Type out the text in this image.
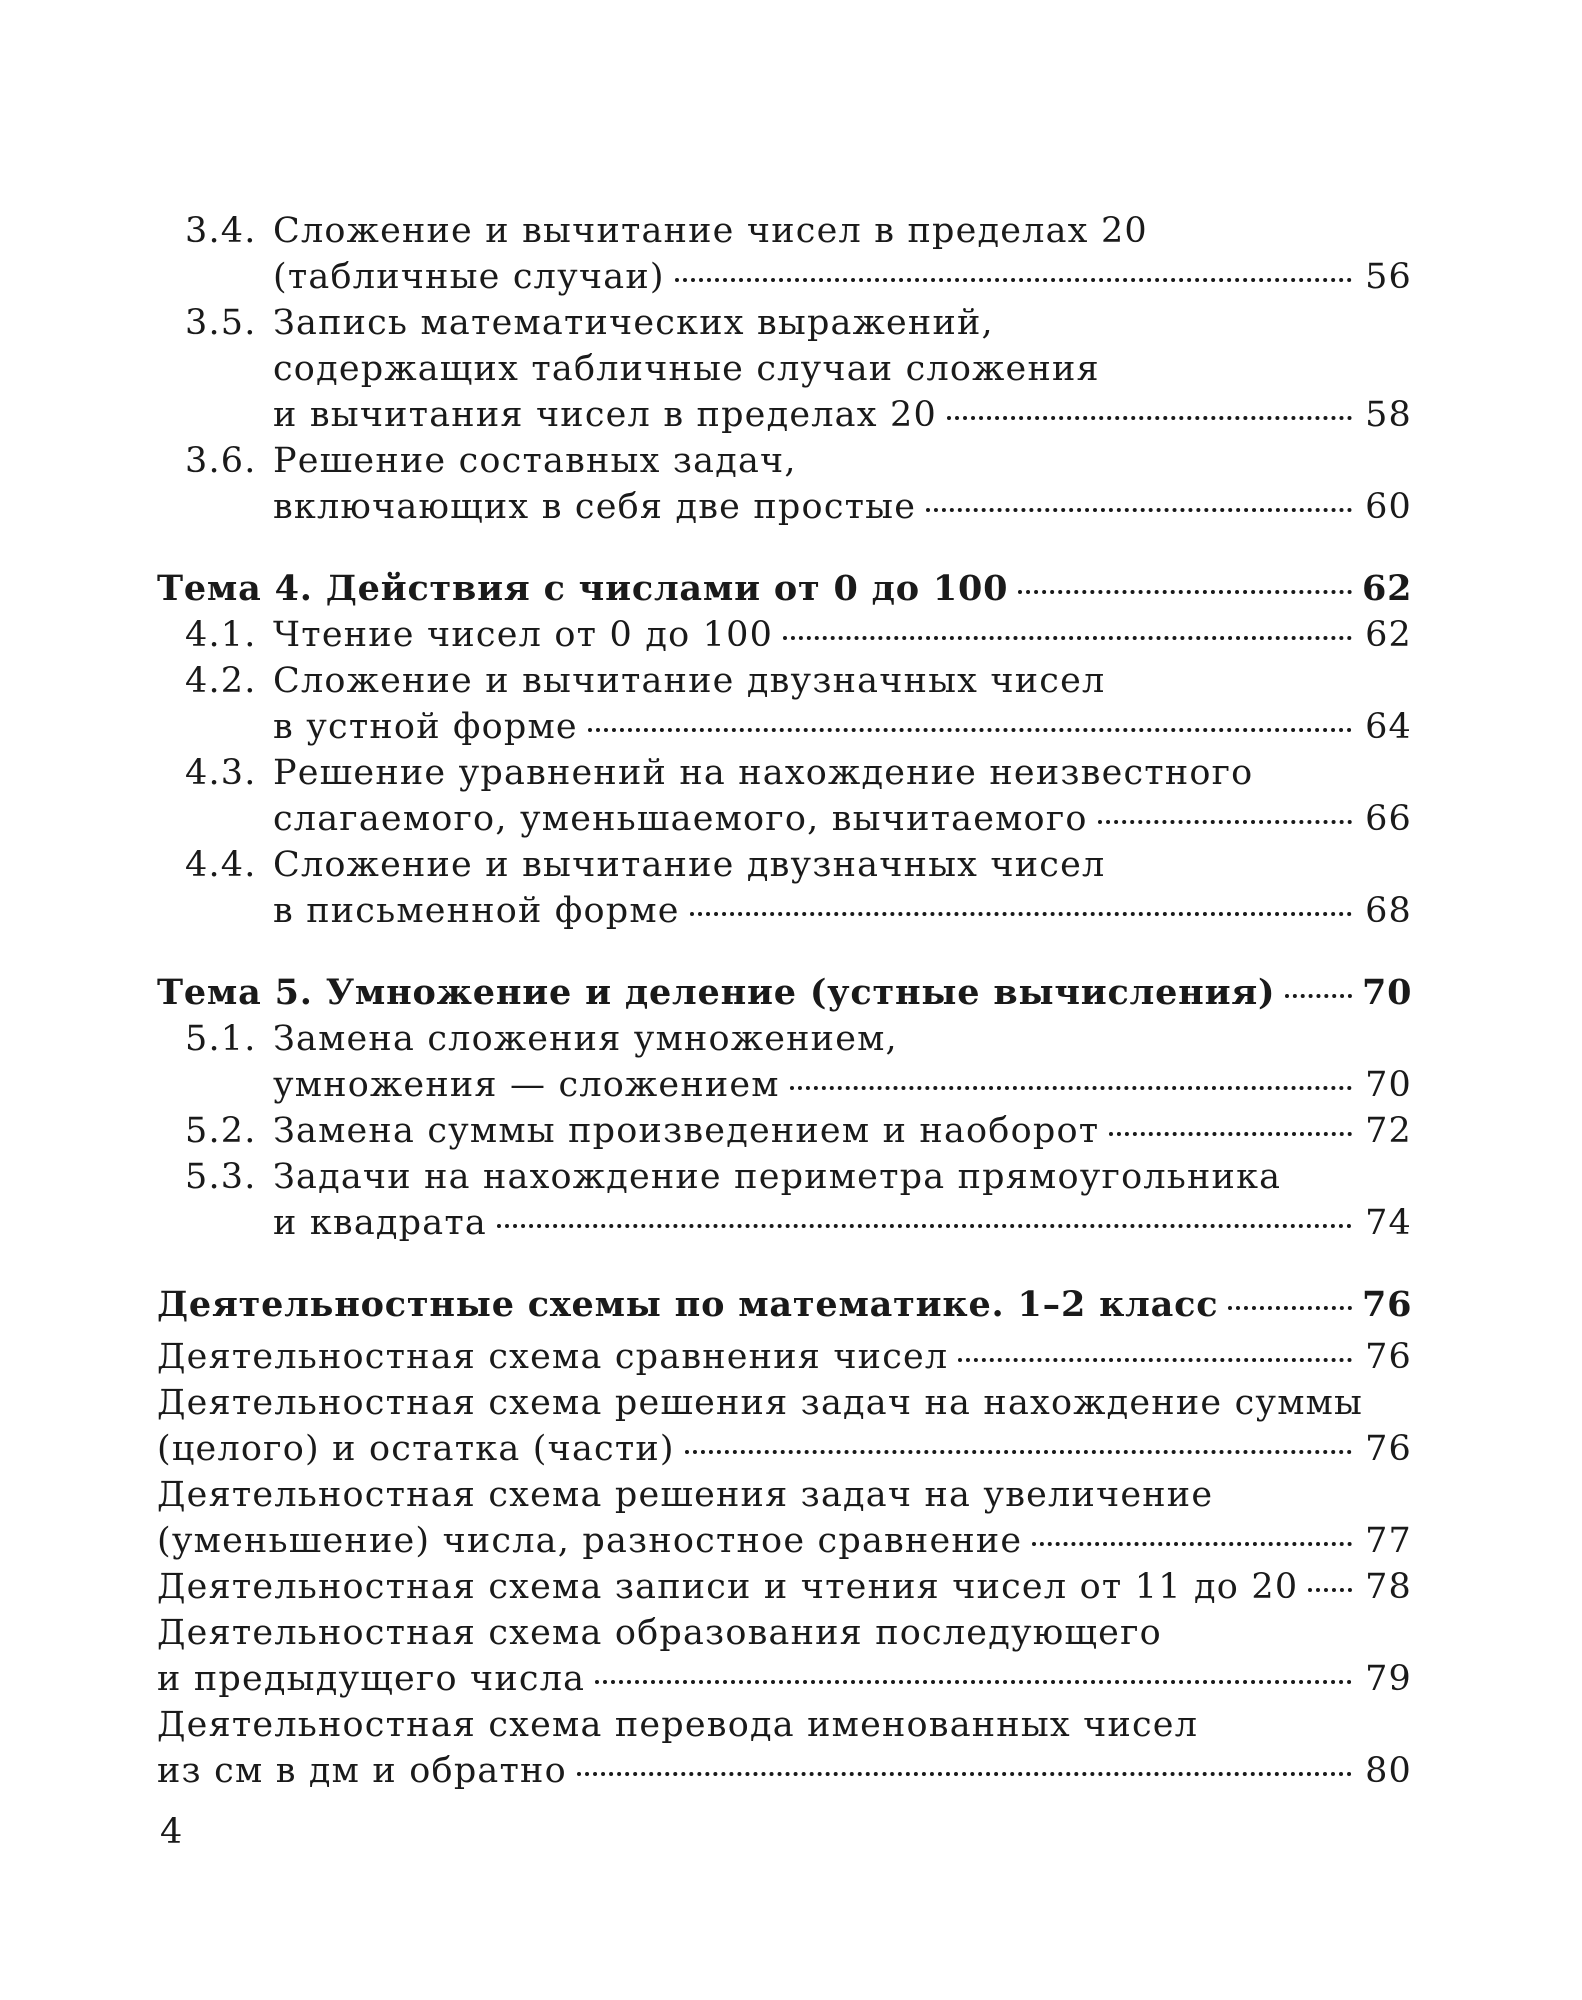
3.4. Сложение и вычитание чисел в пределах 20
(табличные случаи)	56
3.5. Запись математических выражений,
содержащих табличные случаи сложения
и вычитания чисел в пределах 20	58
3.6. Решение составных задач,
включающих в себя две простые	60
Тема 4. Действия с числами от 0 до 100	62
4.1. Чтение чисел от 0 до 100	62
4.2. Сложение и вычитание двузначных чисел
в устной форме	64
4.3. Решение уравнений на нахождение неизвестного
слагаемого, уменьшаемого, вычитаемого	66
4.4. Сложение и вычитание двузначных чисел
в письменной форме	68
Тема 5. Умножение и деление (устные вычисления) 70
5.1. Замена сложения умножением,
умножения — сложением	70
5.2. Замена суммы произведением и наоборот	72
5.3. Задачи на нахождение периметра прямоугольника
и квадрата	74
Деятельностные схемы по математике. 1–2 класс	76
Деятельностная схема сравнения чисел	76
Деятельностная схема решения задач на нахождение суммы
(целого) и остатка (части)	76
Деятельностная схема решения задач на увеличение
(уменьшение) числа, разностное сравнение	77
Деятельностная схема записи и чтения чисел от 11 до 20 78
Деятельностная схема образования последующего
и предыдущего числа	79
Деятельностная схема перевода именованных чисел
из см в дм и обратно	80
4
